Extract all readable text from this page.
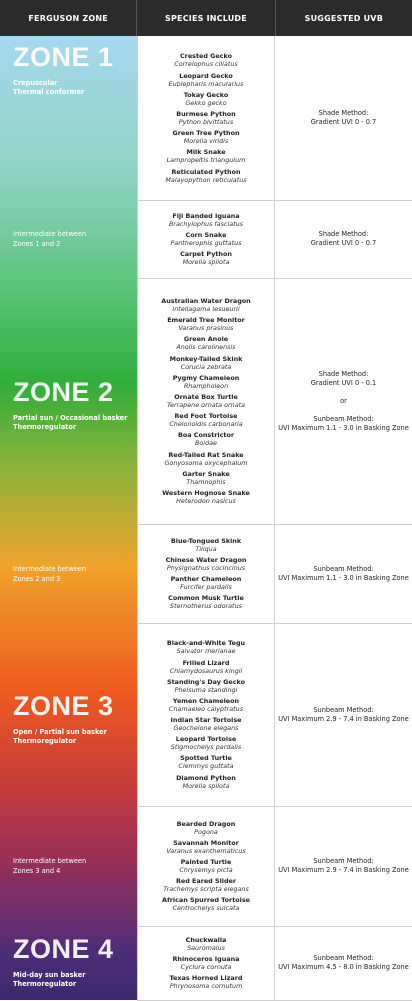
FERGUSON ZONE	SPECIES INCLUDE	SUGGESTED UVB
Crested Gecko
Correlophus ciliatus
Leopard Gecko
Eublepharis macularius
Tokay Gecko
Gekko gecko
Burmese Python
Python bivittatus
Green Tree Python
Morelia viridis
Milk Snake
Lampropeltis triangulum
Reticulated Python
Malayopython reticulatus
Shade Method:
Gradient UVI 0 - 0.7
Fiji Banded Iguana
Brachylophus fasciatus
Corn Snake
Pantherophis guttatus
Carpet Python
Morelia spilota
Shade Method:
Gradient UVI 0 - 0.7
Australian Water Dragon
Intellagama lesueurii
Emerald Tree Monitor
Varanus prasinus
Green Anole
Anolis carolinensis
Monkey-Tailed Skink
Corucia zebrata
Pygmy Chameleon
Rhampholeon
Ornate Box Turtle
Terrapene ornata ornata
Red Foot Tortoise
Chelonoidis carbonaria
Boa Constrictor
Boidae
Red-Tailed Rat Snake
Gonyosoma oxycephalum
Garter Snake
Thamnophis
Western Hognose Snake
Heterodon nasicus
Shade Method:
Gradient UVI 0 - 0.1
or
Sunbeam Method:
UVI Maximum 1.1 - 3.0 in Basking Zone
Blue-Tongued Skink
Tiliqua
Chinese Water Dragon
Physignathus cocincinus
Panther Chameleon
Furcifer pardalis
Common Musk Turtle
Sternotherus odoratus
Sunbeam Method:
UVI Maximum 1.1 - 3.0 in Basking Zone
Black-and-White Tegu
Salvator merianae
Frilled Lizard
Chlamydosaurus kingii
Standing's Day Gecko
Phelsuma standingi
Yemen Chameleon
Chamaeleo calyptratus
Indian Star Tortoise
Geochelone elegans
Leopard Tortoise
Stigmochelys pardalis
Spotted Turtle
Clemmys guttata
Diamond Python
Morelia spilota
Sunbeam Method:
UVI Maximum 2.9 - 7.4 in Basking Zone
Bearded Dragon
Pogona
Savannah Monitor
Varanus exanthematicus
Painted Turtle
Chrysemys picta
Red Eared Slider
Trachemys scripta elegans
African Spurred Tortoise
Centrochelys sulcata
Sunbeam Method:
UVI Maximum 2.9 - 7.4 in Basking Zone
Chuckwalla
Sauromalus
Rhinoceros Iguana
Cyclura cornuta
Texas Horned Lizard
Phrynosoma cornutum
Sunbeam Method:
UVI Maximum 4.5 - 8.0 in Basking Zone
ZONE 1
Crepuscular
Thermal conformer
Intermediate between
Zones 1 and 2
ZONE 2
Partial sun / Occasional basker
Thermoregulator
Intermediate between
Zones 2 and 3
ZONE 3
Open / Partial sun basker
Thermoregulator
Intermediate between
Zones 3 and 4
ZONE 4
Mid-day sun basker
Thermoregulator
